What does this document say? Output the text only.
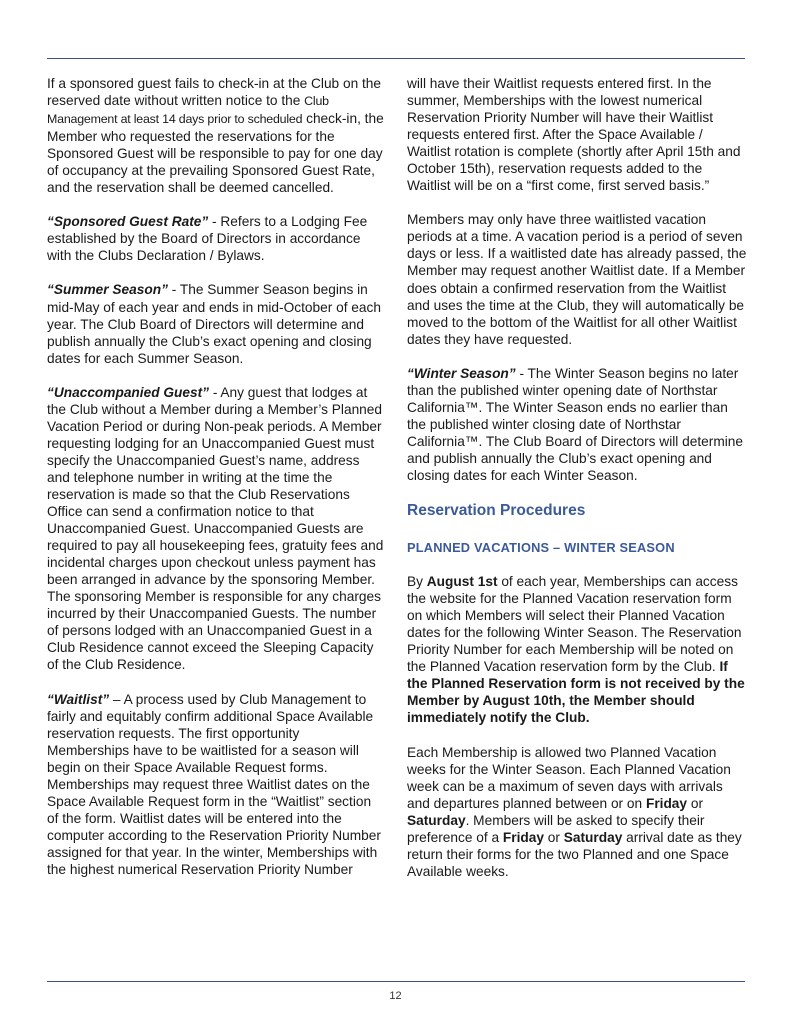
If a sponsored guest fails to check-in at the Club on the reserved date without written notice to the Club Management at least 14 days prior to scheduled check-in, the Member who requested the reservations for the Sponsored Guest will be responsible to pay for one day of occupancy at the prevailing Sponsored Guest Rate, and the reservation shall be deemed cancelled.

“Sponsored Guest Rate” - Refers to a Lodging Fee established by the Board of Directors in accordance with the Clubs Declaration / Bylaws.

“Summer Season” - The Summer Season begins in mid-May of each year and ends in mid-October of each year. The Club Board of Directors will determine and publish annually the Club’s exact opening and closing dates for each Summer Season.

“Unaccompanied Guest” - Any guest that lodges at the Club without a Member during a Member’s Planned Vacation Period or during Non-peak periods. A Member requesting lodging for an Unaccompanied Guest must specify the Unaccompanied Guest’s name, address and telephone number in writing at the time the reservation is made so that the Club Reservations Office can send a confirmation notice to that Unaccompanied Guest. Unaccompanied Guests are required to pay all housekeeping fees, gratuity fees and incidental charges upon checkout unless payment has been arranged in advance by the sponsoring Member. The sponsoring Member is responsible for any charges incurred by their Unaccompanied Guests. The number of persons lodged with an Unaccompanied Guest in a Club Residence cannot exceed the Sleeping Capacity of the Club Residence.

“Waitlist” – A process used by Club Management to fairly and equitably confirm additional Space Available reservation requests. The first opportunity Memberships have to be waitlisted for a season will begin on their Space Available Request forms. Memberships may request three Waitlist dates on the Space Available Request form in the “Waitlist” section of the form. Waitlist dates will be entered into the computer according to the Reservation Priority Number assigned for that year. In the winter, Memberships with the highest numerical Reservation Priority Number

will have their Waitlist requests entered first. In the summer, Memberships with the lowest numerical Reservation Priority Number will have their Waitlist requests entered first. After the Space Available / Waitlist rotation is complete (shortly after April 15th and October 15th), reservation requests added to the Waitlist will be on a “first come, first served basis.”

Members may only have three waitlisted vacation periods at a time. A vacation period is a period of seven days or less. If a waitlisted date has already passed, the Member may request another Waitlist date. If a Member does obtain a confirmed reservation from the Waitlist and uses the time at the Club, they will automatically be moved to the bottom of the Waitlist for all other Waitlist dates they have requested.

“Winter Season” - The Winter Season begins no later than the published winter opening date of Northstar California™. The Winter Season ends no earlier than the published winter closing date of Northstar California™. The Club Board of Directors will determine and publish annually the Club’s exact opening and closing dates for each Winter Season.

Reservation Procedures
PLANNED VACATIONS – WINTER SEASON

By August 1st of each year, Memberships can access the website for the Planned Vacation reservation form on which Members will select their Planned Vacation dates for the following Winter Season. The Reservation Priority Number for each Membership will be noted on the Planned Vacation reservation form by the Club. If the Planned Reservation form is not received by the Member by August 10th, the Member should immediately notify the Club.

Each Membership is allowed two Planned Vacation weeks for the Winter Season. Each Planned Vacation week can be a maximum of seven days with arrivals and departures planned between or on Friday or Saturday. Members will be asked to specify their preference of a Friday or Saturday arrival date as they return their forms for the two Planned and one Space Available weeks.

12
